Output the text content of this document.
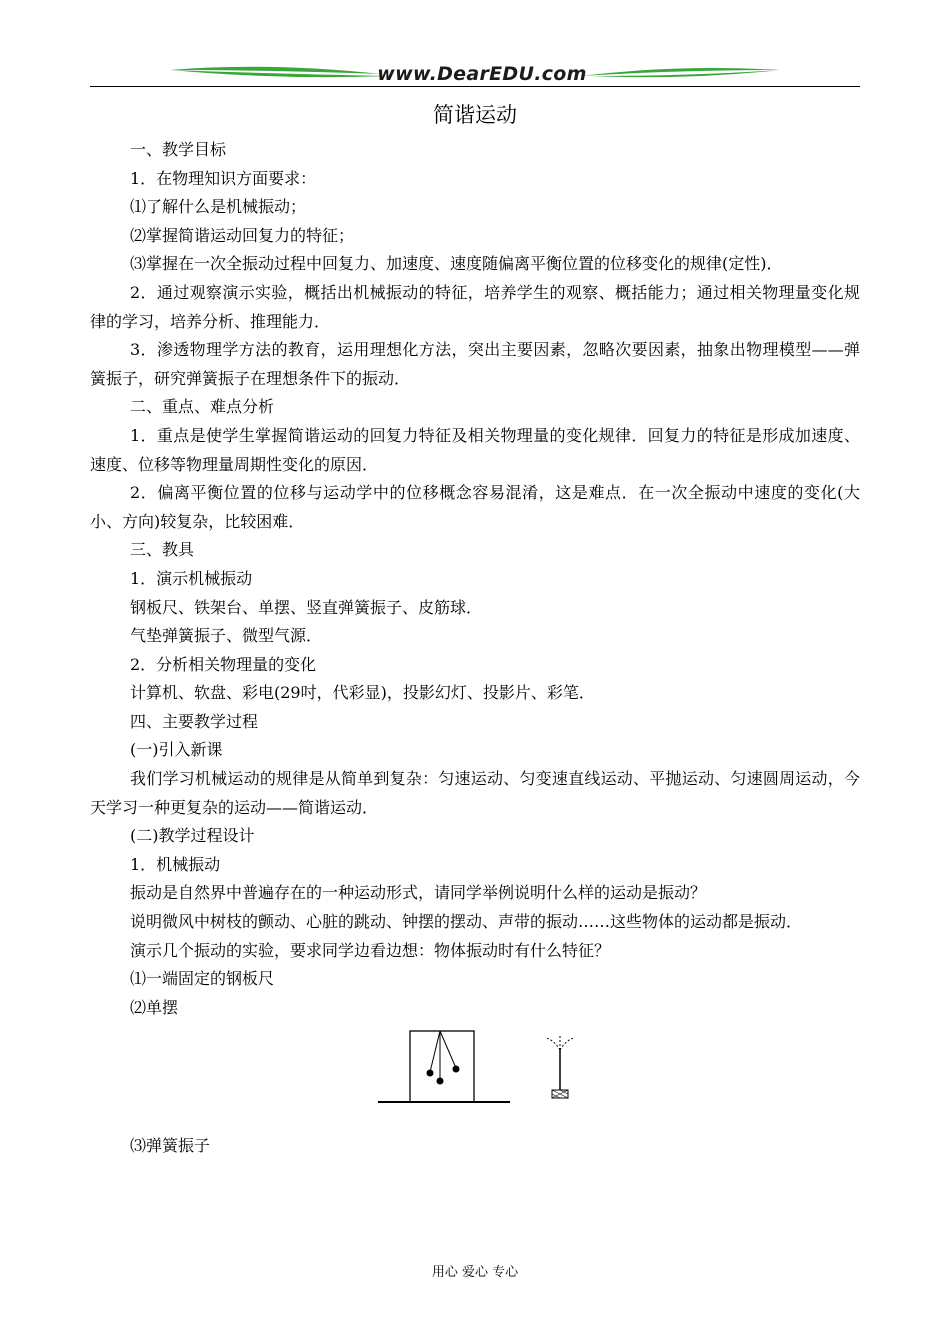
www.DearEDU.com
简谐运动

一、教学目标

1．在物理知识方面要求：

⑴了解什么是机械振动；

⑵掌握简谐运动回复力的特征；

⑶掌握在一次全振动过程中回复力、加速度、速度随偏离平衡位置的位移变化的规律(定性)．

2．通过观察演示实验，概括出机械振动的特征，培养学生的观察、概括能力；通过相关物理量变化规律的学习，培养分析、推理能力．

3．渗透物理学方法的教育，运用理想化方法，突出主要因素，忽略次要因素，抽象出物理模型——弹簧振子，研究弹簧振子在理想条件下的振动．

二、重点、难点分析

1．重点是使学生掌握简谐运动的回复力特征及相关物理量的变化规律．回复力的特征是形成加速度、速度、位移等物理量周期性变化的原因．

2．偏离平衡位置的位移与运动学中的位移概念容易混淆，这是难点．在一次全振动中速度的变化(大小、方向)较复杂，比较困难．

三、教具

1．演示机械振动

钢板尺、铁架台、单摆、竖直弹簧振子、皮筋球．

气垫弹簧振子、微型气源．

2．分析相关物理量的变化

计算机、软盘、彩电(29吋，代彩显)，投影幻灯、投影片、彩笔．

四、主要教学过程

(一)引入新课

我们学习机械运动的规律是从简单到复杂：匀速运动、匀变速直线运动、平抛运动、匀速圆周运动，今天学习一种更复杂的运动——简谐运动．

(二)教学过程设计

1．机械振动

振动是自然界中普遍存在的一种运动形式，请同学举例说明什么样的运动是振动？

说明微风中树枝的颤动、心脏的跳动、钟摆的摆动、声带的振动……这些物体的运动都是振动．

演示几个振动的实验，要求同学边看边想：物体振动时有什么特征？

⑴一端固定的钢板尺

⑵单摆

⑶弹簧振子

用心 爱心 专心
